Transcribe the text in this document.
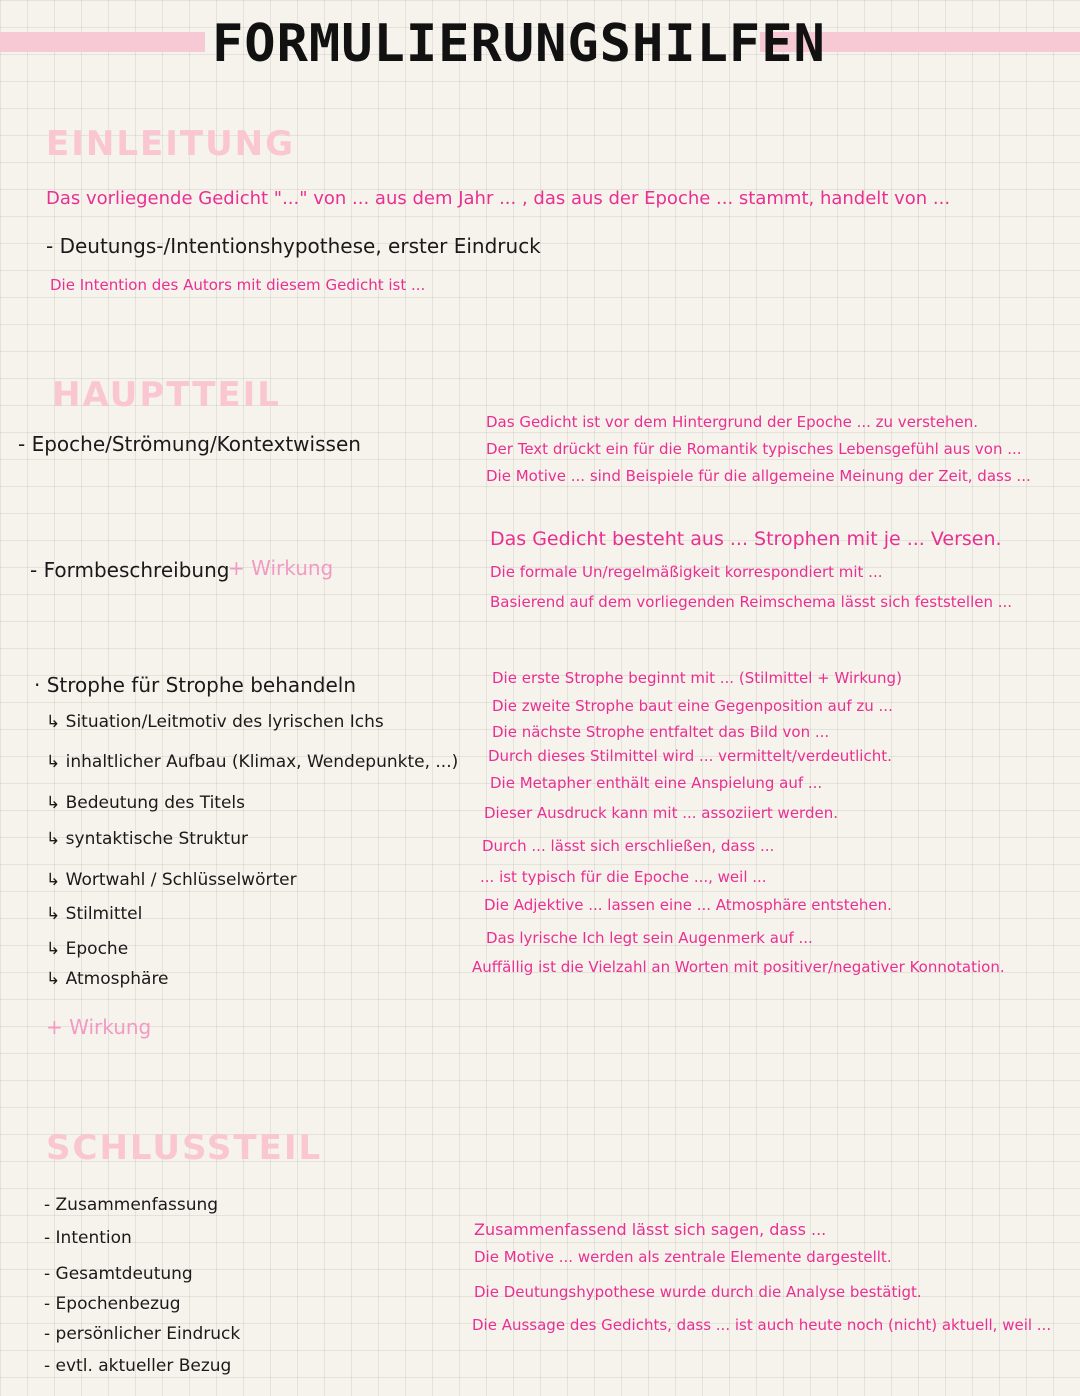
FORMULIERUNGSHILFEN
EINLEITUNG
Das vorliegende Gedicht "..." von ... aus dem Jahr ... , das aus der Epoche ... stammt, handelt von ...
- Deutungs-/Intentionshypothese, erster Eindruck
Die Intention des Autors mit diesem Gedicht ist ...
HAUPTTEIL
- Epoche/Strömung/Kontextwissen
Das Gedicht ist vor dem Hintergrund der Epoche ... zu verstehen.
Der Text drückt ein für die Romantik typisches Lebensgefühl aus von ...
Die Motive ... sind Beispiele für die allgemeine Meinung der Zeit, dass ...
- Formbeschreibung
+ Wirkung
Das Gedicht besteht aus ... Strophen mit je ... Versen.
Die formale Un/regelmäßigkeit korrespondiert mit ...
Basierend auf dem vorliegenden Reimschema lässt sich feststellen ...
· Strophe für Strophe behandeln
↳ Situation/Leitmotiv des lyrischen Ichs
↳ inhaltlicher Aufbau (Klimax, Wendepunkte, ...)
↳ Bedeutung des Titels
↳ syntaktische Struktur
↳ Wortwahl / Schlüsselwörter
↳ Stilmittel
↳ Epoche
↳ Atmosphäre
+ Wirkung
Die erste Strophe beginnt mit ... (Stilmittel + Wirkung)
Die zweite Strophe baut eine Gegenposition auf zu ...
Die nächste Strophe entfaltet das Bild von ...
Durch dieses Stilmittel wird ... vermittelt/verdeutlicht.
Die Metapher enthält eine Anspielung auf ...
Dieser Ausdruck kann mit ... assoziiert werden.
Durch ... lässt sich erschließen, dass ...
... ist typisch für die Epoche ..., weil ...
Die Adjektive ... lassen eine ... Atmosphäre entstehen.
Das lyrische Ich legt sein Augenmerk auf ...
Auffällig ist die Vielzahl an Worten mit positiver/negativer Konnotation.
SCHLUSSTEIL
- Zusammenfassung
- Intention
- Gesamtdeutung
- Epochenbezug
- persönlicher Eindruck
- evtl. aktueller Bezug
Zusammenfassend lässt sich sagen, dass ...
Die Motive ... werden als zentrale Elemente dargestellt.
Die Deutungshypothese wurde durch die Analyse bestätigt.
Die Aussage des Gedichts, dass ... ist auch heute noch (nicht) aktuell, weil ...
